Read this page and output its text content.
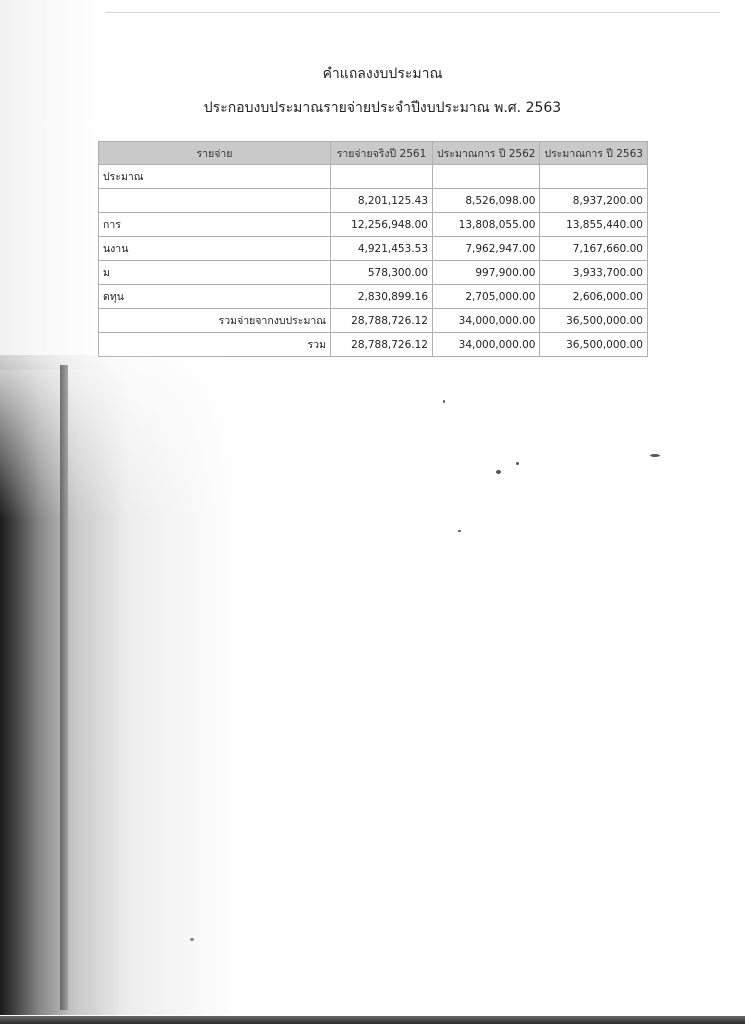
คำแถลงงบประมาณ
ประกอบงบประมาณรายจ่ายประจำปีงบประมาณ พ.ศ. 2563
รายจ่าย	รายจ่ายจริงปี 2561	ประมาณการ ปี 2562	ประมาณการ ปี 2563
ประมาณ			
	8,201,125.43	8,526,098.00	8,937,200.00
การ	12,256,948.00	13,808,055.00	13,855,440.00
นงาน	4,921,453.53	7,962,947.00	7,167,660.00
ม	578,300.00	997,900.00	3,933,700.00
ดทุน	2,830,899.16	2,705,000.00	2,606,000.00
รวมจ่ายจากงบประมาณ	28,788,726.12	34,000,000.00	36,500,000.00
รวม	28,788,726.12	34,000,000.00	36,500,000.00
